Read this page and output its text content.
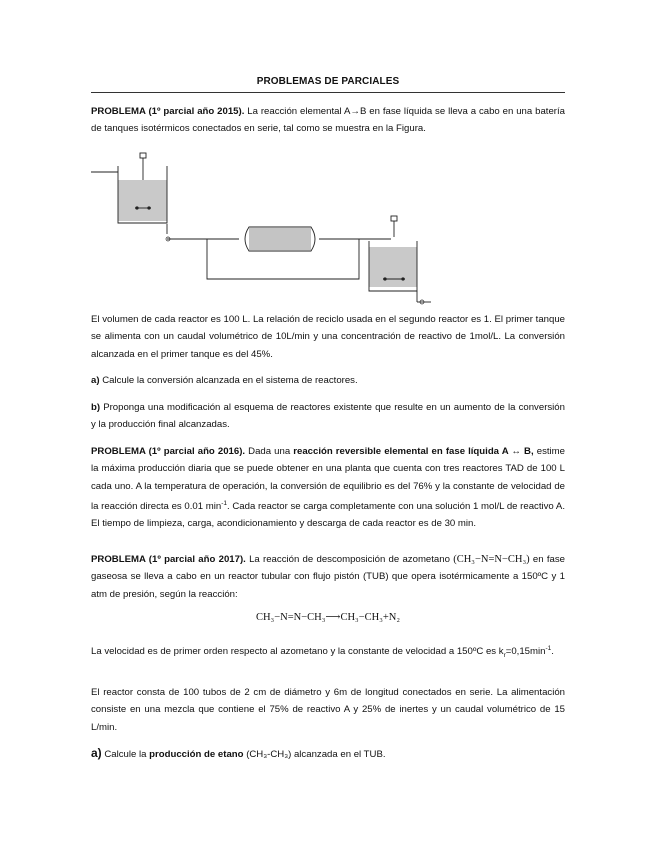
PROBLEMAS DE PARCIALES
PROBLEMA (1º parcial año 2015). La reacción elemental A→B en fase líquida se lleva a cabo en una batería de tanques isotérmicos conectados en serie, tal como se muestra en la Figura.
El volumen de cada reactor es 100 L. La relación de reciclo usada en el segundo reactor es 1. El primer tanque se alimenta con un caudal volumétrico de 10L/min y una concentración de reactivo de 1mol/L. La conversión alcanzada en el primer tanque es del 45%.
a) Calcule la conversión alcanzada en el sistema de reactores.
b) Proponga una modificación al esquema de reactores existente que resulte en un aumento de la conversión y la producción final alcanzadas.
PROBLEMA (1º parcial año 2016). Dada una reacción reversible elemental en fase líquida A ↔ B, estime la máxima producción diaria que se puede obtener en una planta que cuenta con tres reactores TAD de 100 L cada uno. A la temperatura de operación, la conversión de equilibrio es del 76% y la constante de velocidad de la reacción directa es 0.01 $\min^{-1}$. Cada reactor se carga completamente con una solución 1 mol/L de reactivo A. El tiempo de limpieza, carga, acondicionamiento y descarga de cada reactor es de 30 min.
PROBLEMA (1º parcial año 2017). La reacción de descomposición de azometano (CH₃−N=N−CH₃) en fase gaseosa se lleva a cabo en un reactor tubular con flujo pistón (TUB) que opera isotérmicamente a 150ºC y 1 atm de presión, según la reacción:
CH₃−N=N−CH₃⟶CH₃−CH₃+N₂
La velocidad es de primer orden respecto al azometano y la constante de velocidad a 150ºC es $k_r=0,15\min^{-1}$.
El reactor consta de 100 tubos de 2 cm de diámetro y 6m de longitud conectados en serie. La alimentación consiste en una mezcla que contiene el 75% de reactivo A y 25% de inertes y un caudal volumétrico de 15 L/min.
a) Calcule la producción de etano (CH₃-CH₃) alcanzada en el TUB.
